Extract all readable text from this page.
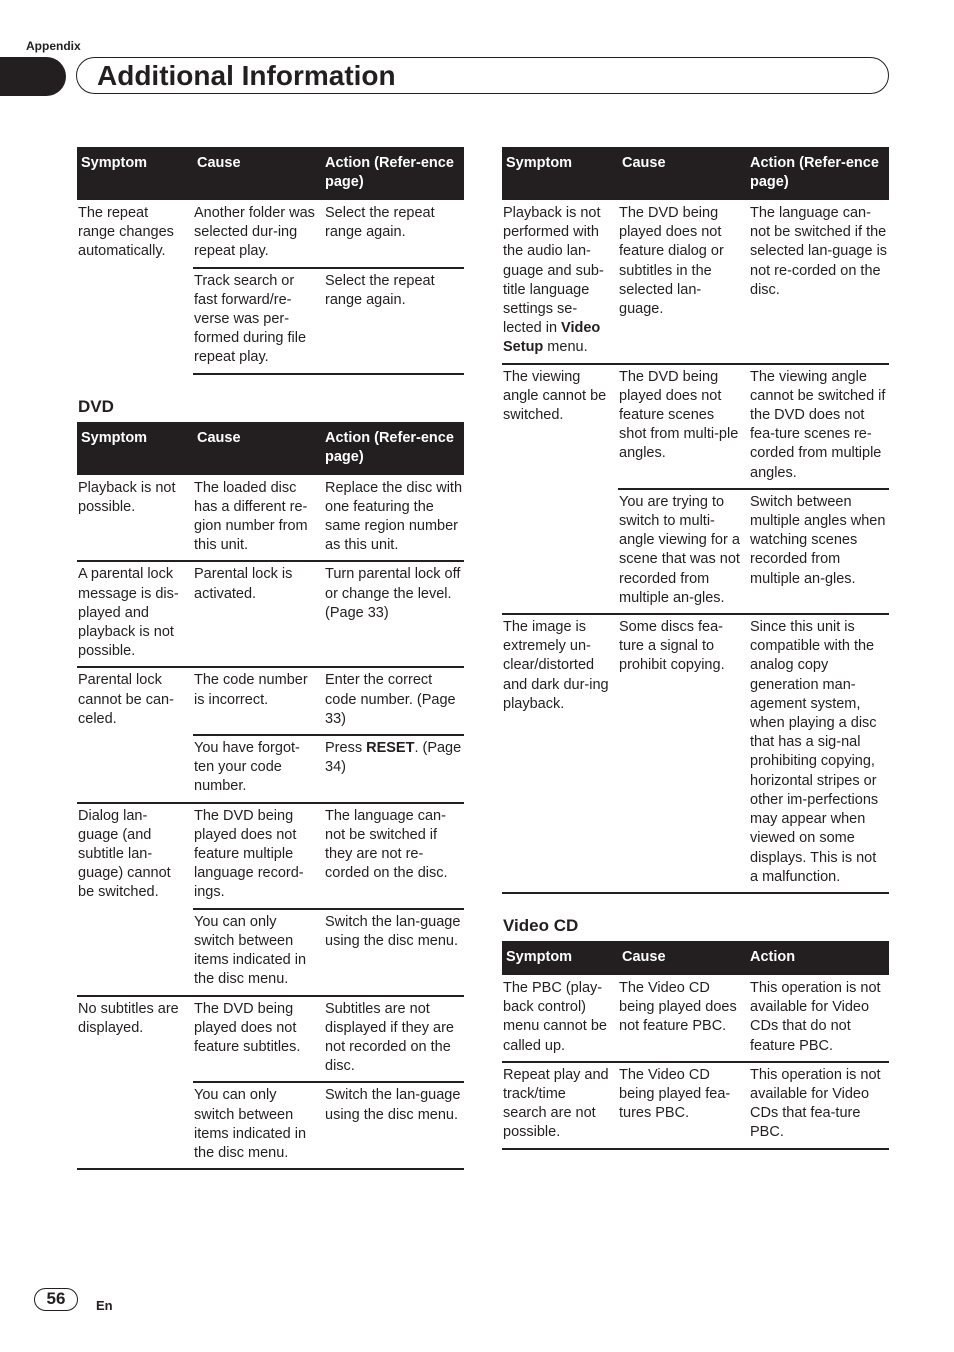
Appendix
Additional Information
Symptom	Cause	Action (Refer-ence page)
The repeat range changes automatically.	Another folder was selected dur-ing repeat play.	Select the repeat range again.
	Track search or fast forward/re-verse was per-formed during file repeat play.	Select the repeat range again.
DVD
Symptom	Cause	Action (Refer-ence page)
Playback is not possible.	The loaded disc has a different re-gion number from this unit.	Replace the disc with one featuring the same region number as this unit.
A parental lock message is dis-played and playback is not possible.	Parental lock is activated.	Turn parental lock off or change the level. (Page 33)
Parental lock cannot be can-celed.	The code number is incorrect.	Enter the correct code number. (Page 33)
	You have forgot-ten your code number.	Press RESET. (Page 34)
Dialog lan-guage (and subtitle lan-guage) cannot be switched.	The DVD being played does not feature multiple language record-ings.	The language can-not be switched if they are not re-corded on the disc.
	You can only switch between items indicated in the disc menu.	Switch the lan-guage using the disc menu.
No subtitles are displayed.	The DVD being played does not feature subtitles.	Subtitles are not displayed if they are not recorded on the disc.
	You can only switch between items indicated in the disc menu.	Switch the lan-guage using the disc menu.
Symptom	Cause	Action (Refer-ence page)
Playback is not performed with the audio lan-guage and sub-title language settings se-lected in Video Setup menu.	The DVD being played does not feature dialog or subtitles in the selected lan-guage.	The language can-not be switched if the selected lan-guage is not re-corded on the disc.
The viewing angle cannot be switched.	The DVD being played does not feature scenes shot from multi-ple angles.	The viewing angle cannot be switched if the DVD does not fea-ture scenes re-corded from multiple angles.
	You are trying to switch to multi-angle viewing for a scene that was not recorded from multiple an-gles.	Switch between multiple angles when watching scenes recorded from multiple an-gles.
The image is extremely un-clear/distorted and dark dur-ing playback.	Some discs fea-ture a signal to prohibit copying.	Since this unit is compatible with the analog copy generation man-agement system, when playing a disc that has a sig-nal prohibiting copying, horizontal stripes or other im-perfections may appear when viewed on some displays. This is not a malfunction.
Video CD
Symptom	Cause	Action
The PBC (play-back control) menu cannot be called up.	The Video CD being played does not feature PBC.	This operation is not available for Video CDs that do not feature PBC.
Repeat play and track/time search are not possible.	The Video CD being played fea-tures PBC.	This operation is not available for Video CDs that fea-ture PBC.
56	En
